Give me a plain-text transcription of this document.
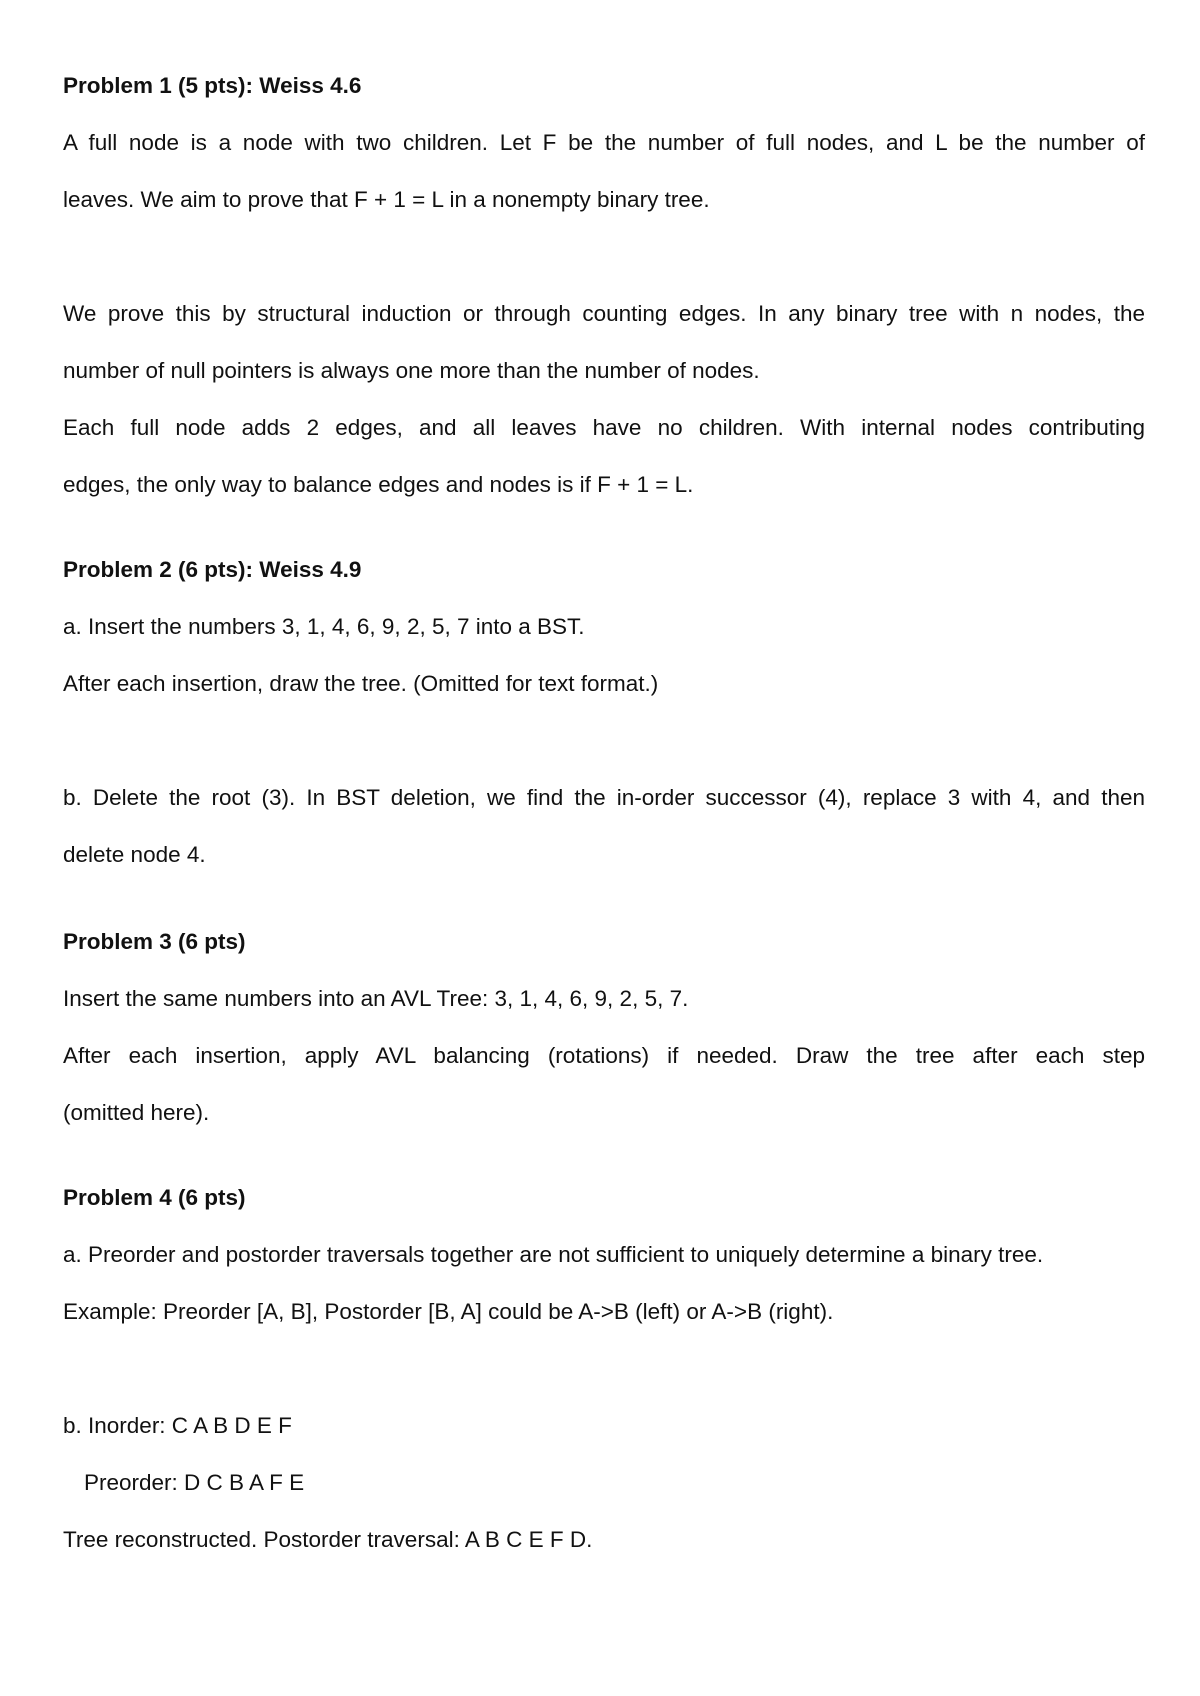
Problem 1 (5 pts): Weiss 4.6
A full node is a node with two children. Let F be the number of full nodes, and L be the number of
leaves. We aim to prove that F + 1 = L in a nonempty binary tree.
We prove this by structural induction or through counting edges. In any binary tree with n nodes, the
number of null pointers is always one more than the number of nodes.
Each full node adds 2 edges, and all leaves have no children. With internal nodes contributing
edges, the only way to balance edges and nodes is if F + 1 = L.
Problem 2 (6 pts): Weiss 4.9
a. Insert the numbers 3, 1, 4, 6, 9, 2, 5, 7 into a BST.
After each insertion, draw the tree. (Omitted for text format.)
b. Delete the root (3). In BST deletion, we find the in-order successor (4), replace 3 with 4, and then
delete node 4.
Problem 3 (6 pts)
Insert the same numbers into an AVL Tree: 3, 1, 4, 6, 9, 2, 5, 7.
After each insertion, apply AVL balancing (rotations) if needed. Draw the tree after each step
(omitted here).
Problem 4 (6 pts)
a. Preorder and postorder traversals together are not sufficient to uniquely determine a binary tree.
Example: Preorder [A, B], Postorder [B, A] could be A->B (left) or A->B (right).
b. Inorder: C A B D E F
Preorder: D C B A F E
Tree reconstructed. Postorder traversal: A B C E F D.
